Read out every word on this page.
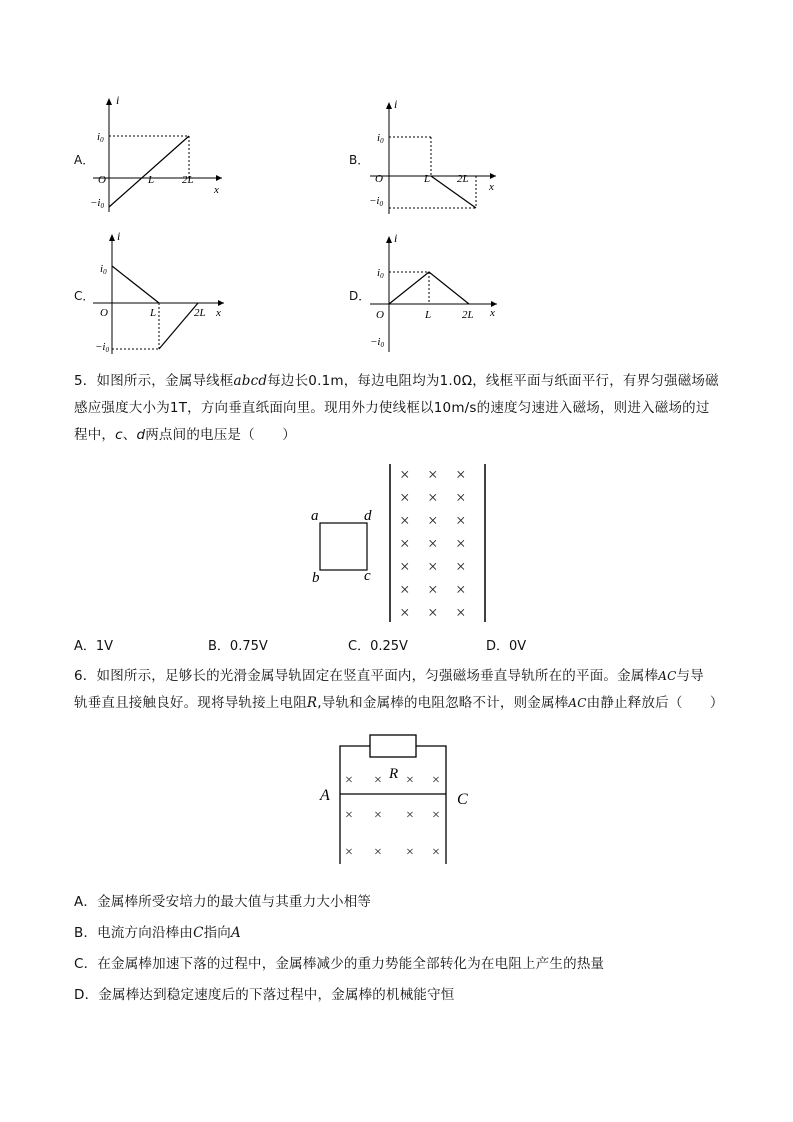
A．
i
x
O	L	2L
i0
−i0
B．
i
x
O	L 2L
i0
−i0
C．
i
x
O	L	2L
i0
−i0
D．
i
x
O	L	2L
i0
−i0
5．如图所示，金属导线框abcd每边长0.1m，每边电阻均为1.0Ω，线框平面与纸面平行，有界匀强磁场磁
感应强度大小为1T，方向垂直纸面向里。现用外力使线框以10m/s的速度匀速进入磁场，则进入磁场的过
程中，c、d两点间的电压是（　　）
a	d
b	c
× × ×
× × ×
× × ×
× × ×
× × ×
× × ×
× × ×
A．1V	B．0.75V	C．0.25V	D．0V
6．如图所示，足够长的光滑金属导轨固定在竖直平面内，匀强磁场垂直导轨所在的平面。金属棒AC与导
轨垂直且接触良好。现将导轨接上电阻R,导轨和金属棒的电阻忽略不计，则金属棒AC由静止释放后（　　）
A	C
R
× × × ×
× × × ×
× × × ×
A．金属棒所受安培力的最大值与其重力大小相等
B．电流方向沿棒由C指向A
C．在金属棒加速下落的过程中，金属棒减少的重力势能全部转化为在电阻上产生的热量
D．金属棒达到稳定速度后的下落过程中，金属棒的机械能守恒
